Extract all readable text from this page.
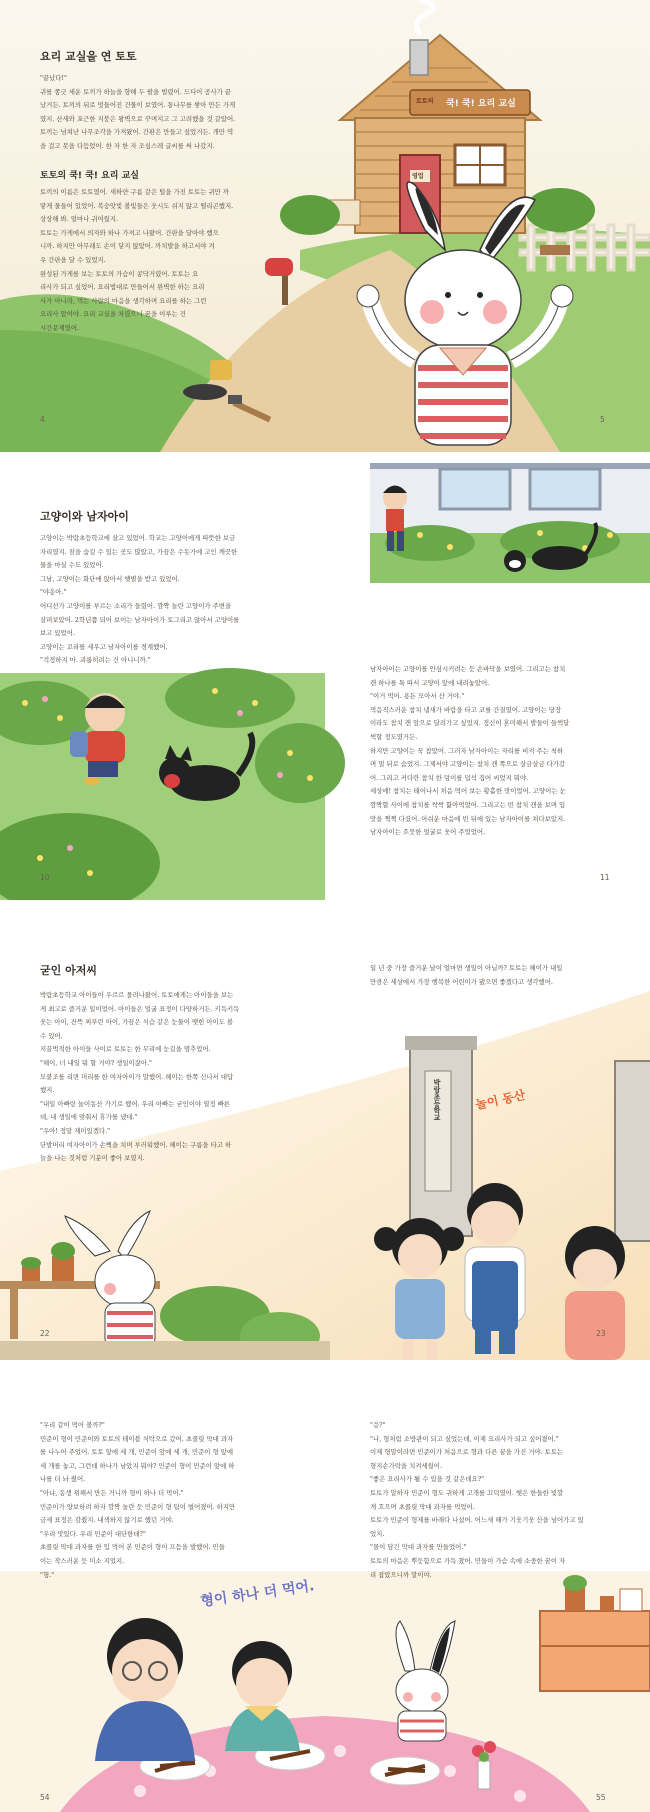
요리 교실을 연 토토
"끝났다!"
귀를 쫑긋 세운 토끼가 하늘을 향해 두 팔을 벌렸어. 드디어 공사가 끝
났거든. 토끼의 뒤로 멋들어진 건물이 보였어. 통나무를 쌓아 만든 가게
였지. 산새와 포근한 지붕은 왕벽으로 꾸며지고 그 고려했을 것 같았어.
토끼는 넘쳐난 나무조각을 가져왔어. 간판은 만들고 싶었거든. 개만 역
을 걸고 못을 다듬었어. 한 자 한 자 조심스레 글씨를 써 나갔지.
토토의 쿡! 쿡! 요리 교실
토끼의 이름은 토토였어. 새하얀 구름 같은 털을 가진 토토는 귀만 까
맣게 물들어 있었어. 복숭앗빛 볼빛들은 웃시도 쉬지 않고 떨리곤했지.
상상해 봐. 얼마나 귀여웠지.
토토는 가게에서 의자와 하나 가져고 나왔어. 간판을 달아야 했으
니까. 하지만 아무래도 손이 닿지 않았어. 까치발을 하고서야 겨
우 간판을 달 수 있었지.
완성된 가게를 보는 토토의 가슴이 콩닥거렸어. 토토는 요
리사가 되고 싶었어. 요리법대로 만들어서 완벽한 하는 요리
사가 아니라, 먹는 사람의 마음을 생각하며 요리를 하는 그런
요리사 말이야. 요리 교실을 차렸으니 꿈을 이루는 건
시간문제였어.
토토의 쿡! 쿡! 요리 교실
영업
4	5
고양이와 남자아이
고양이는 박람초등학교에 살고 있었어. 학교는 고양이에게 따뜻한 보금
자리였지. 잠을 숨길 수 있는 곳도 많았고, 가끔은 수돗가에 고인 깨끗한
물을 마실 수도 있었어.
그날, 고양이는 화단에 앉아서 햇볕을 받고 있었어.
"야옹아."
어디선가 고양이를 부르는 소리가 들렸어. 깜짝 놀란 고양이가 주변을
살펴보았어. 2학년쯤 되어 보이는 남자아이가 토그리고 앉아서 고양이를
보고 있었어.
고양이는 꼬리를 세우고 남자아이를 경계했어.
"걱정하지 마. 괴롭히려는 건 아니니까."
남자아이는 고양이를 안심시키려는 듯 손바닥을 보였어. 그리고는 참치
캔 하나를 툭 따서 고양이 앞에 내려놓았어.
"이거 먹어. 용돈 모아서 산 거야."
먹음직스러운 참치 냄새가 바람을 타고 코를 간질였어. 고양이는 당장
이라도 참치 캔 앞으로 달려가고 싶었지. 정신이 혼미해서 발들이 들썩달
썩할 정도였거든.
하지만 고양이는 꾹 참았어. 그러자 남자아이는 자리를 비켜 주는 척하
며 멀 뒤로 숨었지. 그제서야 고양이는 참치 캔 쪽으로 살금살금 다가갔
어. 그리고 커다란 참치 한 덩이를 덥석 집어 씨었지 뭐야.
세상에! 참치는 태어나서 처음 먹어 보는 황홀한 맛이었어. 고양이는 눈
깜짝할 사이에 참치를 싹싹 핥아먹었어. 그리고는 빈 참치 캔을 보며 입
맛을 쩍쩍 다셨어. 아쉬운 마음에 빈 뒤에 있는 남자아이를 쳐다보았지.
남자아이는 흐뭇한 얼굴로 웃어 주었었어.
10	11
굳인 아저씨
박람초등학교 아이들이 우르르 몰려나왔어. 토토에게는 아이들을 보는
게 최고로 즐거운 일이었어. 아이들은 얼굴 표정이 다양하거든. 키득키득
웃는 아이, 잔뜩 찌푸린 아이, 가끔은 식슴 같은 눈물이 맺힌 아이도 볼
수 있어.
지끌벅적한 아이들 사이로 토토는 한 무리에 눈길을 멈추었어.
"헤이, 너 내일 뭐 할 거야? 생일이잖아."
모붙조를 리면 머리를 한 여자아이가 말했어. 헤이는 한쪽 신나서 대답
했지.
"내일 아빠랑 놀이동산 가기로 했어. 우리 아빠는 굳인이야 열정 빠른
데, 내 생일에 맞춰서 휴가를 냈대."
"우아! 정말 재미있겠다."
단발머리 여자아이가 손뼉을 치며 부러워했어. 헤이는 구름을 타고 하
늘을 나는 것처럼 기분이 좋아 보였지.
일 년 중 가장 즐거운 날이 얼마면 생일이 아닐까? 토토는 헤이가 내일
만큼은 세상에서 가장 행복한 어린이가 됐으면 좋겠다고 생각했어.
박람초등학교	놀이 동산
22	23
"우리 같이 먹어 볼까?"
민준이 형이 민준이와 토토의 테이블 식탁으로 갔어. 초콜릿 막대 과자
를 나누어 주었어. 토토 앞에 세 개, 민준이 앞에 세 개, 민준이 형 앞에
세 개를 놓고, 그런데 하나가 남았지 뭐야? 민준이 형이 민준이 앞에 하
나를 더 놔 줬어.
"아냐, 동생 위해서 만든 거니까 형이 하나 더 먹어."
민준이가 양보하려 하자 깜짝 놀란 듯 민준이 형 팀이 벌어졌어. 하지만
금세 표정은 감췄지. 내색하지 않기로 했던 거야.
"우리 맛있다. 우리 민준이 대단한데?"
초콜릿 막대 과자를 한 입 먹어 본 민준이 형이 프듬을 발했어. 민들
이는 작스러운 듯 미소 지었지.
"형."
"응?"
"나, 형처럼 소방관이 되고 싶었는데, 이제 요리사가 되고 싶어졌어."
이제 형말이라면 민준이가 처음으로 형과 다른 꿈을 가진 거야. 토토는
형지손가락을 치켜세웠어.
"좋은 요리사가 될 수 있을 것 같은데요?"
토토가 말하자 민준이 형도 귀하게 고개를 끄덕였어. 헷은 한들한 빛깔
게 흐으며 초콜릿 막대 과자를 먹었어.
토토가 민준이 형제를 바래다 나섰어. 어느새 해가 기웃기웃 산을 넘어가고 있
었지.
"몰이 담긴 막대 과자를 만들었어."
토토의 마음은 뿌듯함으로 가득 찼어. 민들이 가슴 속에 소중한 꿈이 자
리 잡았으니까 말이야.
형이 하나 더 먹어.
54	55
